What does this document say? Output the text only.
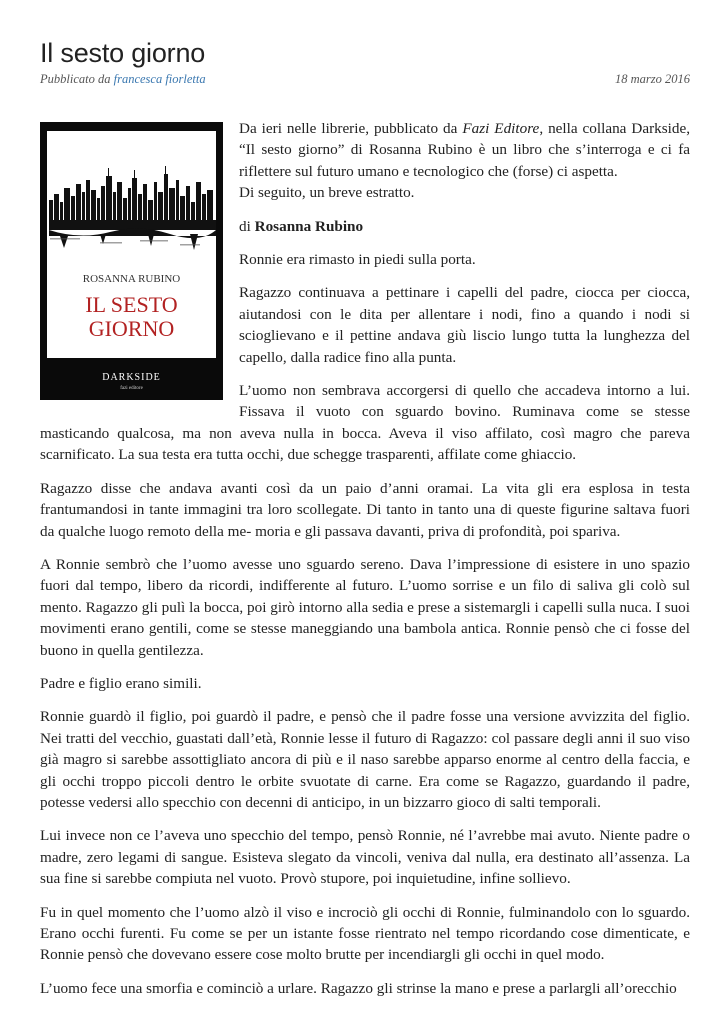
Il sesto giorno
Pubblicato da francesca fiorletta	18 marzo 2016
ROSANNA RUBINO
IL SESTO
GIORNO
DARKSIDE
fazi editore

Da ieri nelle librerie, pubblicato da Fazi Editore, nella collana Darkside, “Il sesto giorno” di Rosanna Rubino è un libro che s’interroga e ci fa riflettere sul futuro umano e tecnologico che (forse) ci aspetta.

Di seguito, un breve estratto.

di Rosanna Rubino

Ronnie era rimasto in piedi sulla porta.

Ragazzo continuava a pettinare i capelli del padre, ciocca per ciocca, aiutandosi con le dita per allentare i nodi, fino a quando i nodi si scioglievano e il pettine andava giù liscio lungo tutta la lunghezza del capello, dalla radice fino alla punta.

L’uomo non sembrava accorgersi di quello che accadeva intorno a lui. Fissava il vuoto con sguardo bovino. Ruminava come se stesse masticando qualcosa, ma non aveva nulla in bocca. Aveva il viso affilato, così magro che pareva scarnificato. La sua testa era tutta occhi, due schegge trasparenti, affilate come ghiaccio.

Ragazzo disse che andava avanti così da un paio d’anni oramai. La vita gli era esplosa in testa frantumandosi in tante immagini tra loro scollegate. Di tanto in tanto una di queste figurine saltava fuori da qualche luogo remoto della me- moria e gli passava davanti, priva di profondità, poi spariva.

A Ronnie sembrò che l’uomo avesse uno sguardo sereno. Dava l’impressione di esistere in uno spazio fuori dal tempo, libero da ricordi, indifferente al futuro. L’uomo sorrise e un filo di saliva gli colò sul mento. Ragazzo gli pulì la bocca, poi girò intorno alla sedia e prese a sistemargli i capelli sulla nuca. I suoi movimenti erano gentili, come se stesse maneggiando una bambola antica. Ronnie pensò che ci fosse del buono in quella gentilezza.

Padre e figlio erano simili.

Ronnie guardò il figlio, poi guardò il padre, e pensò che il padre fosse una versione avvizzita del figlio. Nei tratti del vecchio, guastati dall’età, Ronnie lesse il futuro di Ragazzo: col passare degli anni il suo viso già magro si sarebbe assottigliato ancora di più e il naso sarebbe apparso enorme al centro della faccia, e gli occhi troppo piccoli dentro le orbite svuotate di carne. Era come se Ragazzo, guardando il padre, potesse vedersi allo specchio con decenni di anticipo, in un bizzarro gioco di salti temporali.

Lui invece non ce l’aveva uno specchio del tempo, pensò Ronnie, né l’avrebbe mai avuto. Niente padre o madre, zero legami di sangue. Esisteva slegato da vincoli, veniva dal nulla, era destinato all’assenza. La sua fine si sarebbe compiuta nel vuoto. Provò stupore, poi inquietudine, infine sollievo.

Fu in quel momento che l’uomo alzò il viso e incrociò gli occhi di Ronnie, fulminandolo con lo sguardo. Erano occhi furenti. Fu come se per un istante fosse rientrato nel tempo ricordando cose dimenticate, e Ronnie pensò che dovevano essere cose molto brutte per incendiargli gli occhi in quel modo.

L’uomo fece una smorfia e cominciò a urlare. Ragazzo gli strinse la mano e prese a parlargli all’orecchio
